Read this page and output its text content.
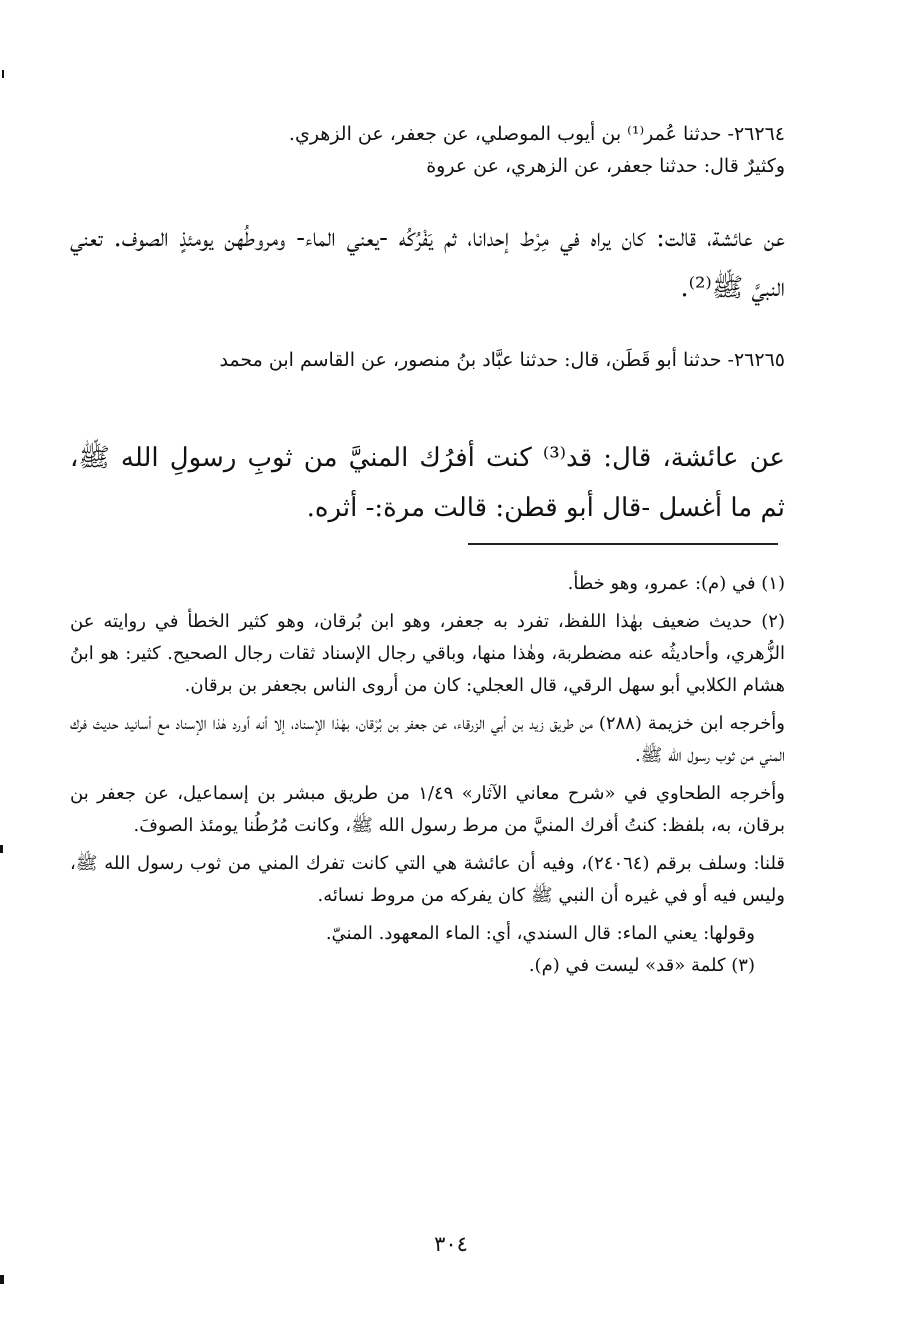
٢٦٢٦٤- حدثنا عُمر⁽¹⁾ بن أيوب الموصلي، عن جعفر، عن الزهري.
وكثيرٌ قال: حدثنا جعفر، عن الزهري، عن عروة
عن عائشة، قالت: كان يراه في مِرْط إحدانا، ثم يَفْرُكُه -يعني الماء- ومروطُهن يومئذٍ الصوف. تعني النبيَّ ﷺ⁽²⁾.
٢٦٢٦٥- حدثنا أبو قَطَن، قال: حدثنا عبَّاد بنُ منصور، عن القاسم ابن محمد
عن عائشة، قال: قد⁽³⁾ كنت أفرُك المنيَّ من ثوبِ رسولِ الله ﷺ، ثم ما أغسل -قال أبو قطن: قالت مرة:- أثره.

(١) في (م): عمرو، وهو خطأ.

(٢) حديث ضعيف بهٰذا اللفظ، تفرد به جعفر، وهو ابن بُرقان، وهو كثير الخطأ في روايته عن الزُّهري، وأحاديثُه عنه مضطربة، وهٰذا منها، وباقي رجال الإسناد ثقات رجال الصحيح. كثير: هو ابنُ هشام الكلابي أبو سهل الرقي، قال العجلي: كان من أروى الناس بجعفر بن برقان.

وأخرجه ابن خزيمة (٢٨٨) من طريق زيد بن أبي الزرقاء، عن جعفر بن بُرْقان، بهٰذا الإسناد، إلا أنه أورد هٰذا الإسناد مع أسانيد حديث فرك المني من ثوب رسول الله ﷺ.

وأخرجه الطحاوي في «شرح معاني الآثار» ١/٤٩ من طريق مبشر بن إسماعيل، عن جعفر بن برقان، به، بلفظ: كنتُ أفرك المنيَّ من مرط رسول الله ﷺ، وكانت مُرُطُنا يومئذ الصوفَ.

قلنا: وسلف برقم (٢٤٠٦٤)، وفيه أن عائشة هي التي كانت تفرك المني من ثوب رسول الله ﷺ، وليس فيه أو في غيره أن النبي ﷺ كان يفركه من مروط نسائه.

وقولها: يعني الماء: قال السندي، أي: الماء المعهود. المنيّ.

(٣) كلمة «قد» ليست في (م).

٣٠٤
